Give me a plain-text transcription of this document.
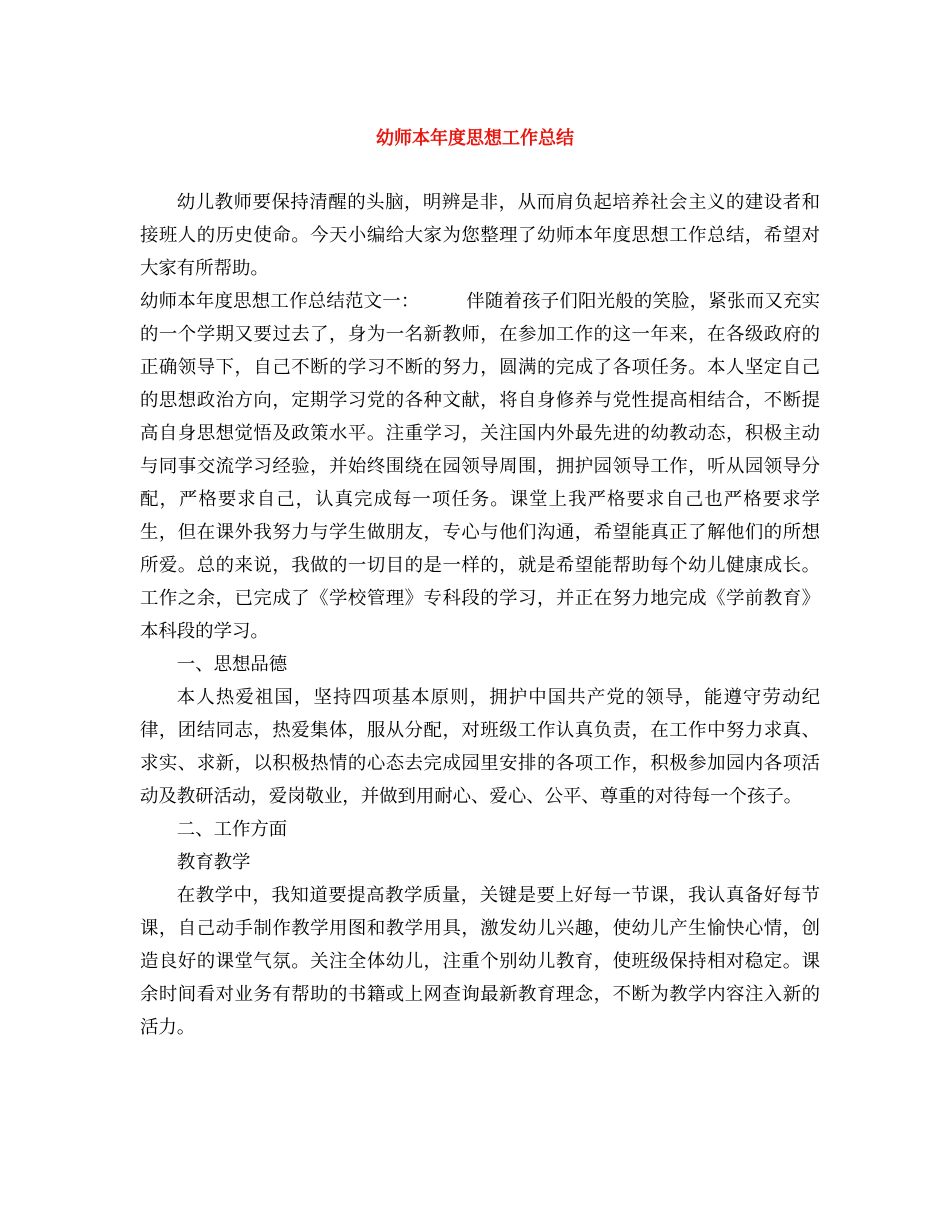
幼师本年度思想工作总结

幼儿教师要保持清醒的头脑，明辨是非，从而肩负起培养社会主义的建设者和接班人的历史使命。今天小编给大家为您整理了幼师本年度思想工作总结，希望对大家有所帮助。

幼师本年度思想工作总结范文一：　　　伴随着孩子们阳光般的笑脸，紧张而又充实的一个学期又要过去了，身为一名新教师，在参加工作的这一年来，在各级政府的正确领导下，自己不断的学习不断的努力，圆满的完成了各项任务。本人坚定自己的思想政治方向，定期学习党的各种文献，将自身修养与党性提高相结合，不断提高自身思想觉悟及政策水平。注重学习，关注国内外最先进的幼教动态，积极主动与同事交流学习经验，并始终围绕在园领导周围，拥护园领导工作，听从园领导分配，严格要求自己，认真完成每一项任务。课堂上我严格要求自己也严格要求学生，但在课外我努力与学生做朋友，专心与他们沟通，希望能真正了解他们的所想所爱。总的来说，我做的一切目的是一样的，就是希望能帮助每个幼儿健康成长。工作之余，已完成了《学校管理》专科段的学习，并正在努力地完成《学前教育》本科段的学习。

一、思想品德

本人热爱祖国，坚持四项基本原则，拥护中国共产党的领导，能遵守劳动纪律，团结同志，热爱集体，服从分配，对班级工作认真负责，在工作中努力求真、求实、求新，以积极热情的心态去完成园里安排的各项工作，积极参加园内各项活动及教研活动，爱岗敬业，并做到用耐心、爱心、公平、尊重的对待每一个孩子。

二、工作方面

教育教学

在教学中，我知道要提高教学质量，关键是要上好每一节课，我认真备好每节课，自己动手制作教学用图和教学用具，激发幼儿兴趣，使幼儿产生愉快心情，创造良好的课堂气氛。关注全体幼儿，注重个别幼儿教育，使班级保持相对稳定。课余时间看对业务有帮助的书籍或上网查询最新教育理念，不断为教学内容注入新的活力。
